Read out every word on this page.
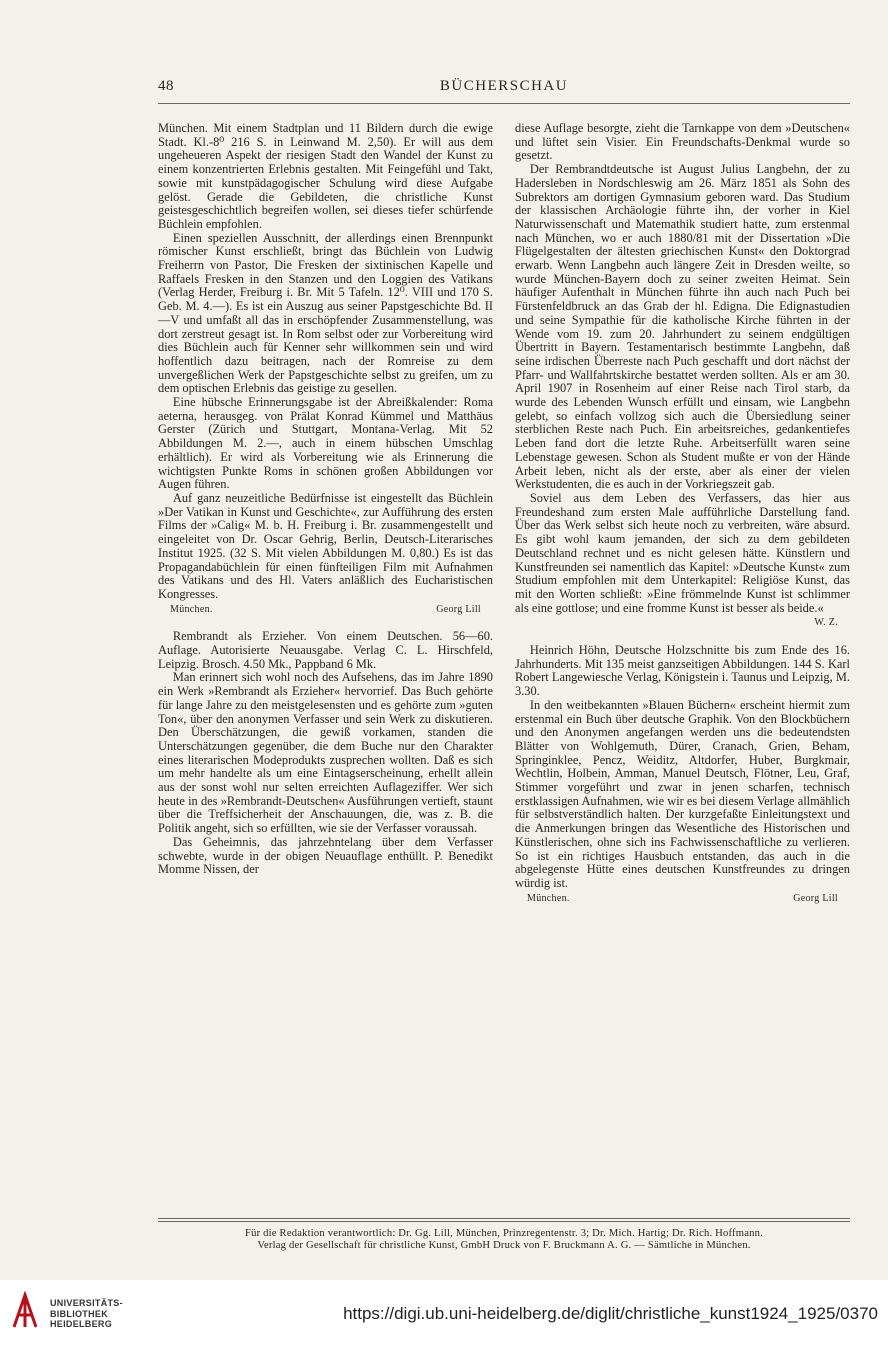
48	BÜCHERSCHAU

München. Mit einem Stadtplan und 11 Bildern durch die ewige Stadt. Kl.-8⁰ 216 S. in Leinwand M. 2,50). Er will aus dem ungeheueren Aspekt der riesigen Stadt den Wandel der Kunst zu einem konzentrierten Erlebnis gestalten. Mit Feingefühl und Takt, sowie mit kunstpädagogischer Schulung wird diese Aufgabe gelöst. Gerade die Gebildeten, die christliche Kunst geistesgeschichtlich begreifen wollen, sei dieses tiefer schürfende Büchlein empfohlen.

Einen speziellen Ausschnitt, der allerdings einen Brennpunkt römischer Kunst erschließt, bringt das Büchlein von Ludwig Freiherrn von Pastor, Die Fresken der sixtinischen Kapelle und Raffaels Fresken in den Stanzen und den Loggien des Vatikans (Verlag Herder, Freiburg i. Br. Mit 5 Tafeln. 12⁰. VIII und 170 S. Geb. M. 4.—). Es ist ein Auszug aus seiner Papstgeschichte Bd. II—V und umfaßt all das in erschöpfender Zusammenstellung, was dort zerstreut gesagt ist. In Rom selbst oder zur Vorbereitung wird dies Büchlein auch für Kenner sehr willkommen sein und wird hoffentlich dazu beitragen, nach der Romreise zu dem unvergeßlichen Werk der Papstgeschichte selbst zu greifen, um zu dem optischen Erlebnis das geistige zu gesellen.

Eine hübsche Erinnerungsgabe ist der Abreißkalender: Roma aeterna, herausgeg. von Prälat Konrad Kümmel und Matthäus Gerster (Zürich und Stuttgart, Montana-Verlag. Mit 52 Abbildungen M. 2.—, auch in einem hübschen Umschlag erhältlich). Er wird als Vorbereitung wie als Erinnerung die wichtigsten Punkte Roms in schönen großen Abbildungen vor Augen führen.

Auf ganz neuzeitliche Bedürfnisse ist eingestellt das Büchlein »Der Vatikan in Kunst und Geschichte«, zur Aufführung des ersten Films der »Calig« M. b. H. Freiburg i. Br. zusammengestellt und eingeleitet von Dr. Oscar Gehrig, Berlin, Deutsch-Literarisches Institut 1925. (32 S. Mit vielen Abbildungen M. 0,80.) Es ist das Propagandabüchlein für einen fünfteiligen Film mit Aufnahmen des Vatikans und des Hl. Vaters anläßlich des Eucharistischen Kongresses.

München.	Georg Lill

Rembrandt als Erzieher. Von einem Deutschen. 56—60. Auflage. Autorisierte Neuausgabe. Verlag C. L. Hirschfeld, Leipzig. Brosch. 4.50 Mk., Pappband 6 Mk.

Man erinnert sich wohl noch des Aufsehens, das im Jahre 1890 ein Werk »Rembrandt als Erzieher« hervorrief. Das Buch gehörte für lange Jahre zu den meistgelesensten und es gehörte zum »guten Ton«, über den anonymen Verfasser und sein Werk zu diskutieren. Den Überschätzungen, die gewiß vorkamen, standen die Unterschätzungen gegenüber, die dem Buche nur den Charakter eines literarischen Modeprodukts zusprechen wollten. Daß es sich um mehr handelte als um eine Eintagserscheinung, erhellt allein aus der sonst wohl nur selten erreichten Auflageziffer. Wer sich heute in des »Rembrandt-Deutschen« Ausführungen vertieft, staunt über die Treffsicherheit der Anschauungen, die, was z. B. die Politik angeht, sich so erfüllten, wie sie der Verfasser voraussah.

Das Geheimnis, das jahrzehntelang über dem Verfasser schwebte, wurde in der obigen Neuauflage enthüllt. P. Benedikt Momme Nissen, der

diese Auflage besorgte, zieht die Tarnkappe von dem »Deutschen« und lüftet sein Visier. Ein Freundschafts-Denkmal wurde so gesetzt.

Der Rembrandtdeutsche ist August Julius Langbehn, der zu Hadersleben in Nordschleswig am 26. März 1851 als Sohn des Subrektors am dortigen Gymnasium geboren ward. Das Studium der klassischen Archäologie führte ihn, der vorher in Kiel Naturwissenschaft und Matemathik studiert hatte, zum erstenmal nach München, wo er auch 1880/81 mit der Dissertation »Die Flügelgestalten der ältesten griechischen Kunst« den Doktorgrad erwarb. Wenn Langbehn auch längere Zeit in Dresden weilte, so wurde München-Bayern doch zu seiner zweiten Heimat. Sein häufiger Aufenthalt in München führte ihn auch nach Puch bei Fürstenfeldbruck an das Grab der hl. Edigna. Die Edignastudien und seine Sympathie für die katholische Kirche führten in der Wende vom 19. zum 20. Jahrhundert zu seinem endgültigen Übertritt in Bayern. Testamentarisch bestimmte Langbehn, daß seine irdischen Überreste nach Puch geschafft und dort nächst der Pfarr- und Wallfahrtskirche bestattet werden sollten. Als er am 30. April 1907 in Rosenheim auf einer Reise nach Tirol starb, da wurde des Lebenden Wunsch erfüllt und einsam, wie Langbehn gelebt, so einfach vollzog sich auch die Übersiedlung seiner sterblichen Reste nach Puch. Ein arbeitsreiches, gedankentiefes Leben fand dort die letzte Ruhe. Arbeitserfüllt waren seine Lebenstage gewesen. Schon als Student mußte er von der Hände Arbeit leben, nicht als der erste, aber als einer der vielen Werkstudenten, die es auch in der Vorkriegszeit gab.

Soviel aus dem Leben des Verfassers, das hier aus Freundeshand zum ersten Male aufführliche Darstellung fand. Über das Werk selbst sich heute noch zu verbreiten, wäre absurd. Es gibt wohl kaum jemanden, der sich zu dem gebildeten Deutschland rechnet und es nicht gelesen hätte. Künstlern und Kunstfreunden sei namentlich das Kapitel: »Deutsche Kunst« zum Studium empfohlen mit dem Unterkapitel: Religiöse Kunst, das mit den Worten schließt: »Eine frömmelnde Kunst ist schlimmer als eine gottlose; und eine fromme Kunst ist besser als beide.«

W. Z.

Heinrich Höhn, Deutsche Holzschnitte bis zum Ende des 16. Jahrhunderts. Mit 135 meist ganzseitigen Abbildungen. 144 S. Karl Robert Langewiesche Verlag, Königstein i. Taunus und Leipzig, M. 3.30.

In den weitbekannten »Blauen Büchern« erscheint hiermit zum erstenmal ein Buch über deutsche Graphik. Von den Blockbüchern und den Anonymen angefangen werden uns die bedeutendsten Blätter von Wohlgemuth, Dürer, Cranach, Grien, Beham, Springinklee, Pencz, Weiditz, Altdorfer, Huber, Burgkmair, Wechtlin, Holbein, Amman, Manuel Deutsch, Flötner, Leu, Graf, Stimmer vorgeführt und zwar in jenen scharfen, technisch erstklassigen Aufnahmen, wie wir es bei diesem Verlage allmählich für selbstverständlich halten. Der kurzgefaßte Einleitungstext und die Anmerkungen bringen das Wesentliche des Historischen und Künstlerischen, ohne sich ins Fachwissenschaftliche zu verlieren. So ist ein richtiges Hausbuch entstanden, das auch in die abgelegenste Hütte eines deutschen Kunstfreundes zu dringen würdig ist.

München.	Georg Lill
Für die Redaktion verantwortlich: Dr. Gg. Lill, München, Prinzregentenstr. 3; Dr. Mich. Hartig; Dr. Rich. Hoffmann.
Verlag der Gesellschaft für christliche Kunst, GmbH Druck von F. Bruckmann A. G. — Sämtliche in München.
UNIVERSITÄTS-
BIBLIOTHEK
HEIDELBERG
https://digi.ub.uni-heidelberg.de/diglit/christliche_kunst1924_1925/0370
